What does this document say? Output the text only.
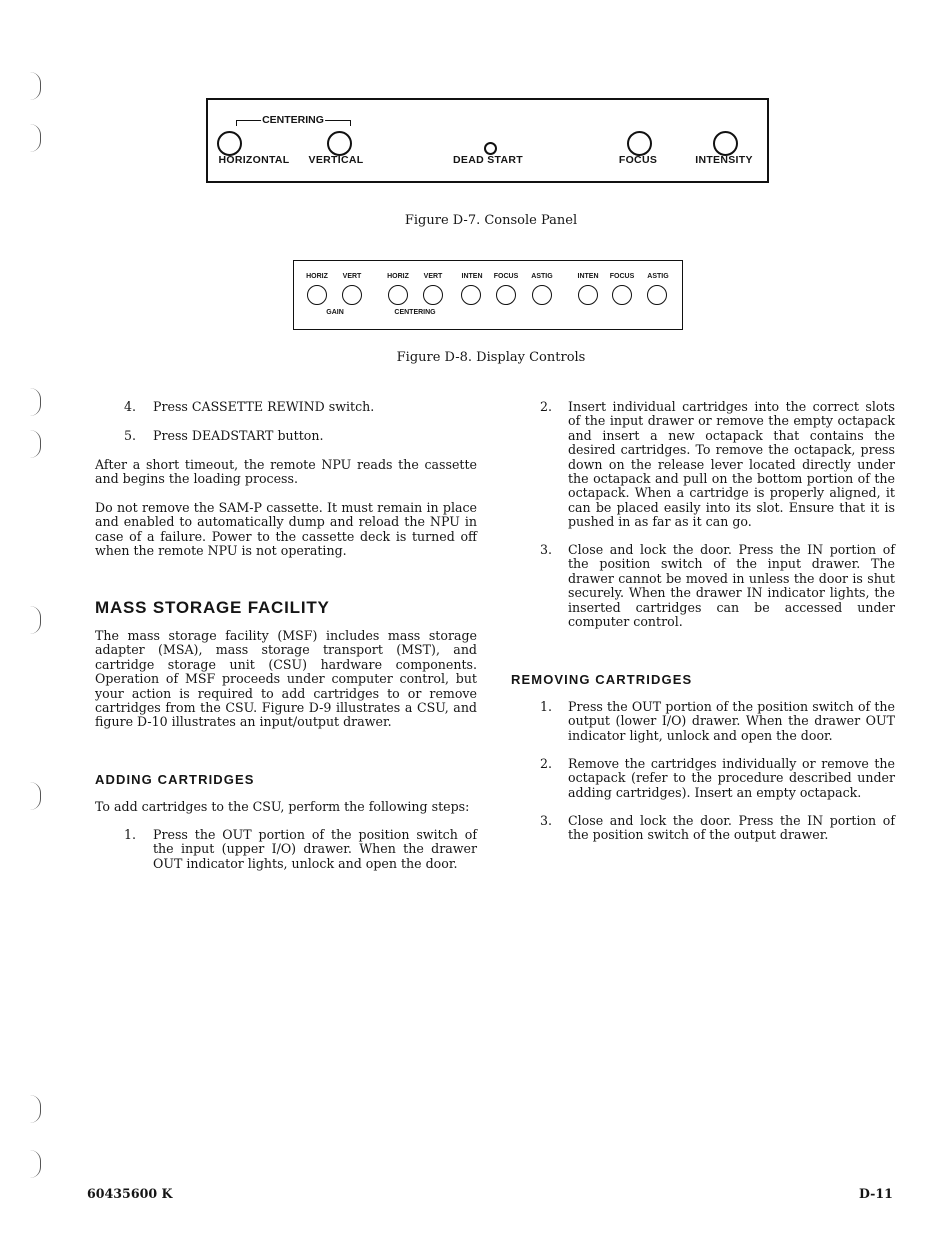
CENTERING
HORIZONTAL VERTICAL	DEAD START	FOCUS	INTENSITY
Figure D-7. Console Panel
HORIZ VERT	HORIZ VERT	INTEN FOCUS ASTIG	INTEN FOCUS ASTIG
GAIN	CENTERING
Figure D-8. Display Controls
4. Press CASSETTE REWIND switch.
5. Press DEADSTART button.

After a short timeout, the remote NPU reads the cassette and begins the loading process.

Do not remove the SAM-P cassette. It must remain in place and enabled to automatically dump and reload the NPU in case of a failure. Power to the cassette deck is turned off when the remote NPU is not operating.

MASS STORAGE FACILITY

The mass storage facility (MSF) includes mass storage adapter (MSA), mass storage transport (MST), and cartridge storage unit (CSU) hardware components. Operation of MSF proceeds under computer control, but your action is required to add cartridges to or remove cartridges from the CSU. Figure D-9 illustrates a CSU, and figure D-10 illustrates an input/output drawer.

ADDING CARTRIDGES

To add cartridges to the CSU, perform the following steps:

1. Press the OUT portion of the position switch of the input (upper I/O) drawer. When the drawer OUT indicator lights, unlock and open the door.

2. Insert individual cartridges into the correct slots of the input drawer or remove the empty octapack and insert a new octapack that contains the desired cartridges. To remove the octapack, press down on the release lever located directly under the octapack and pull on the bottom portion of the octapack. When a cartridge is properly aligned, it can be placed easily into its slot. Ensure that it is pushed in as far as it can go.

3. Close and lock the door. Press the IN portion of the position switch of the input drawer. The drawer cannot be moved in unless the door is shut securely. When the drawer IN indicator lights, the inserted cartridges can be accessed under computer control.

REMOVING CARTRIDGES
1. Press the OUT portion of the position switch of the output (lower I/O) drawer. When the drawer OUT indicator light, unlock and open the door.

2. Remove the cartridges individually or remove the octapack (refer to the procedure described under adding cartridges). Insert an empty octapack.

3. Close and lock the door. Press the IN portion of the position switch of the output drawer.

60435600 K	D-11
